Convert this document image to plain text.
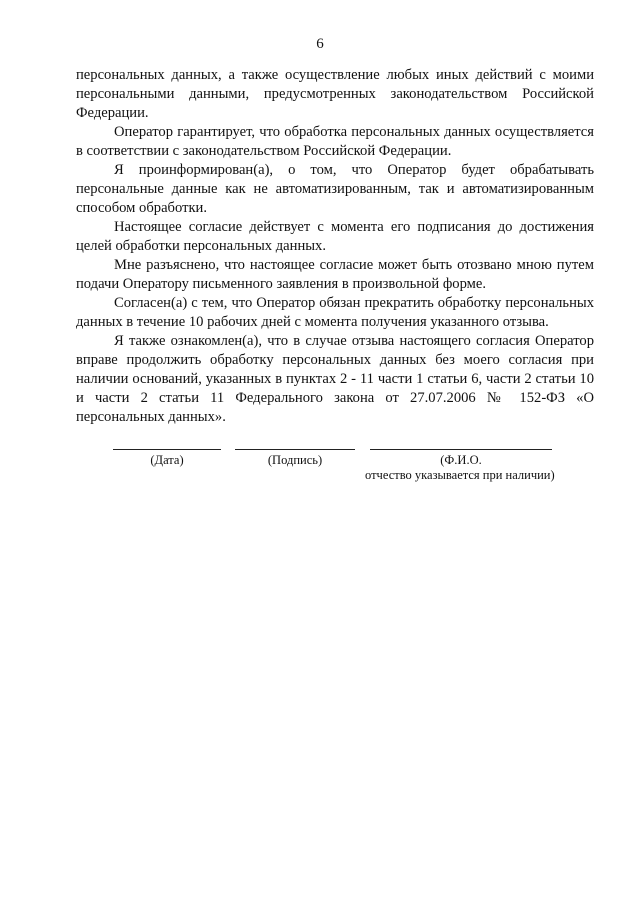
6

персональных данных, а также осуществление любых иных действий с моими персональными данными, предусмотренных законодательством Российской Федерации.

Оператор гарантирует, что обработка персональных данных осуществляется в соответствии с законодательством Российской Федерации.

Я проинформирован(а), о том, что Оператор будет обрабатывать персональные данные как не автоматизированным, так и автоматизированным способом обработки.

Настоящее согласие действует с момента его подписания до достижения целей обработки персональных данных.

Мне разъяснено, что настоящее согласие может быть отозвано мною путем подачи Оператору письменного заявления в произвольной форме.

Согласен(а) с тем, что Оператор обязан прекратить обработку персональных данных в течение 10 рабочих дней с момента получения указанного отзыва.

Я также ознакомлен(а), что в случае отзыва настоящего согласия Оператор вправе продолжить обработку персональных данных без моего согласия при наличии оснований, указанных в пунктах 2 - 11 части 1 статьи 6, части 2 статьи 10 и части 2 статьи 11 Федерального закона от 27.07.2006 № 152-ФЗ «О персональных данных».

(Дата)	(Подпись)	(Ф.И.О.
отчество указывается при наличии)
